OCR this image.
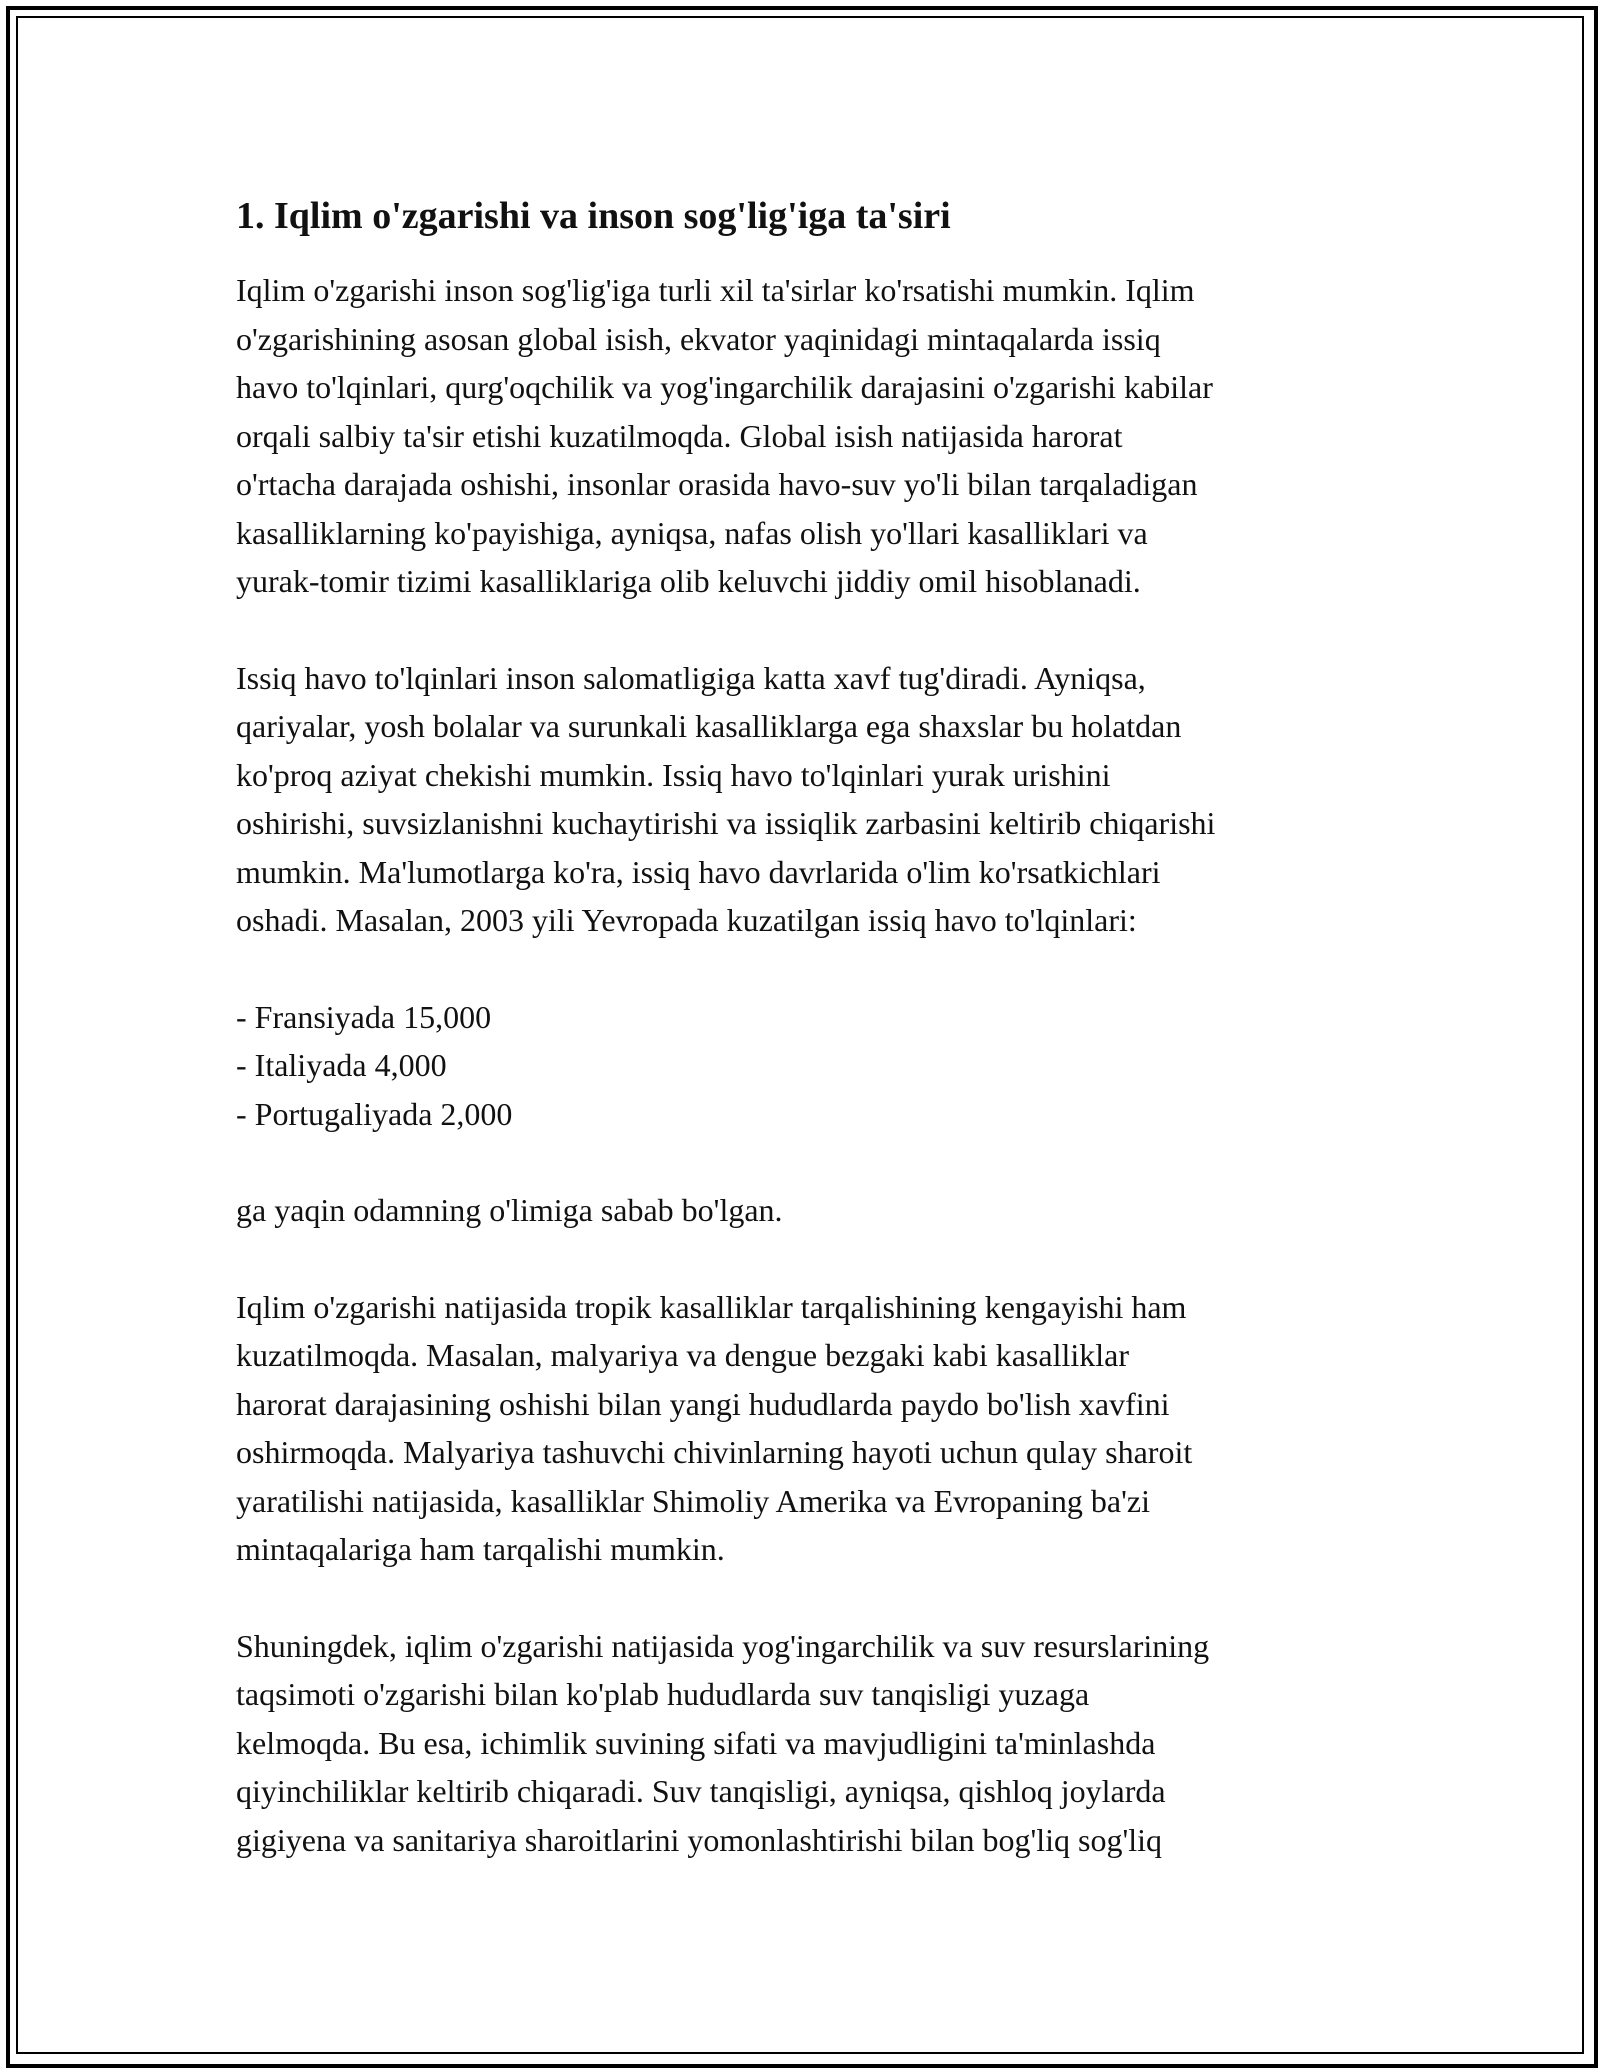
1. Iqlim o'zgarishi va inson sog'lig'iga ta'siri

Iqlim o'zgarishi inson sog'lig'iga turli xil ta'sirlar ko'rsatishi mumkin. Iqlim
o'zgarishining asosan global isish, ekvator yaqinidagi mintaqalarda issiq
havo to'lqinlari, qurg'oqchilik va yog'ingarchilik darajasini o'zgarishi kabilar
orqali salbiy ta'sir etishi kuzatilmoqda. Global isish natijasida harorat
o'rtacha darajada oshishi, insonlar orasida havo-suv yo'li bilan tarqaladigan
kasalliklarning ko'payishiga, ayniqsa, nafas olish yo'llari kasalliklari va
yurak-tomir tizimi kasalliklariga olib keluvchi jiddiy omil hisoblanadi.

Issiq havo to'lqinlari inson salomatligiga katta xavf tug'diradi. Ayniqsa,
qariyalar, yosh bolalar va surunkali kasalliklarga ega shaxslar bu holatdan
ko'proq aziyat chekishi mumkin. Issiq havo to'lqinlari yurak urishini
oshirishi, suvsizlanishni kuchaytirishi va issiqlik zarbasini keltirib chiqarishi
mumkin. Ma'lumotlarga ko'ra, issiq havo davrlarida o'lim ko'rsatkichlari
oshadi. Masalan, 2003 yili Yevropada kuzatilgan issiq havo to'lqinlari:

- Fransiyada 15,000
- Italiyada 4,000
- Portugaliyada 2,000

ga yaqin odamning o'limiga sabab bo'lgan.

Iqlim o'zgarishi natijasida tropik kasalliklar tarqalishining kengayishi ham
kuzatilmoqda. Masalan, malyariya va dengue bezgaki kabi kasalliklar
harorat darajasining oshishi bilan yangi hududlarda paydo bo'lish xavfini
oshirmoqda. Malyariya tashuvchi chivinlarning hayoti uchun qulay sharoit
yaratilishi natijasida, kasalliklar Shimoliy Amerika va Evropaning ba'zi
mintaqalariga ham tarqalishi mumkin.

Shuningdek, iqlim o'zgarishi natijasida yog'ingarchilik va suv resurslarining
taqsimoti o'zgarishi bilan ko'plab hududlarda suv tanqisligi yuzaga
kelmoqda. Bu esa, ichimlik suvining sifati va mavjudligini ta'minlashda
qiyinchiliklar keltirib chiqaradi. Suv tanqisligi, ayniqsa, qishloq joylarda
gigiyena va sanitariya sharoitlarini yomonlashtirishi bilan bog'liq sog'liq
